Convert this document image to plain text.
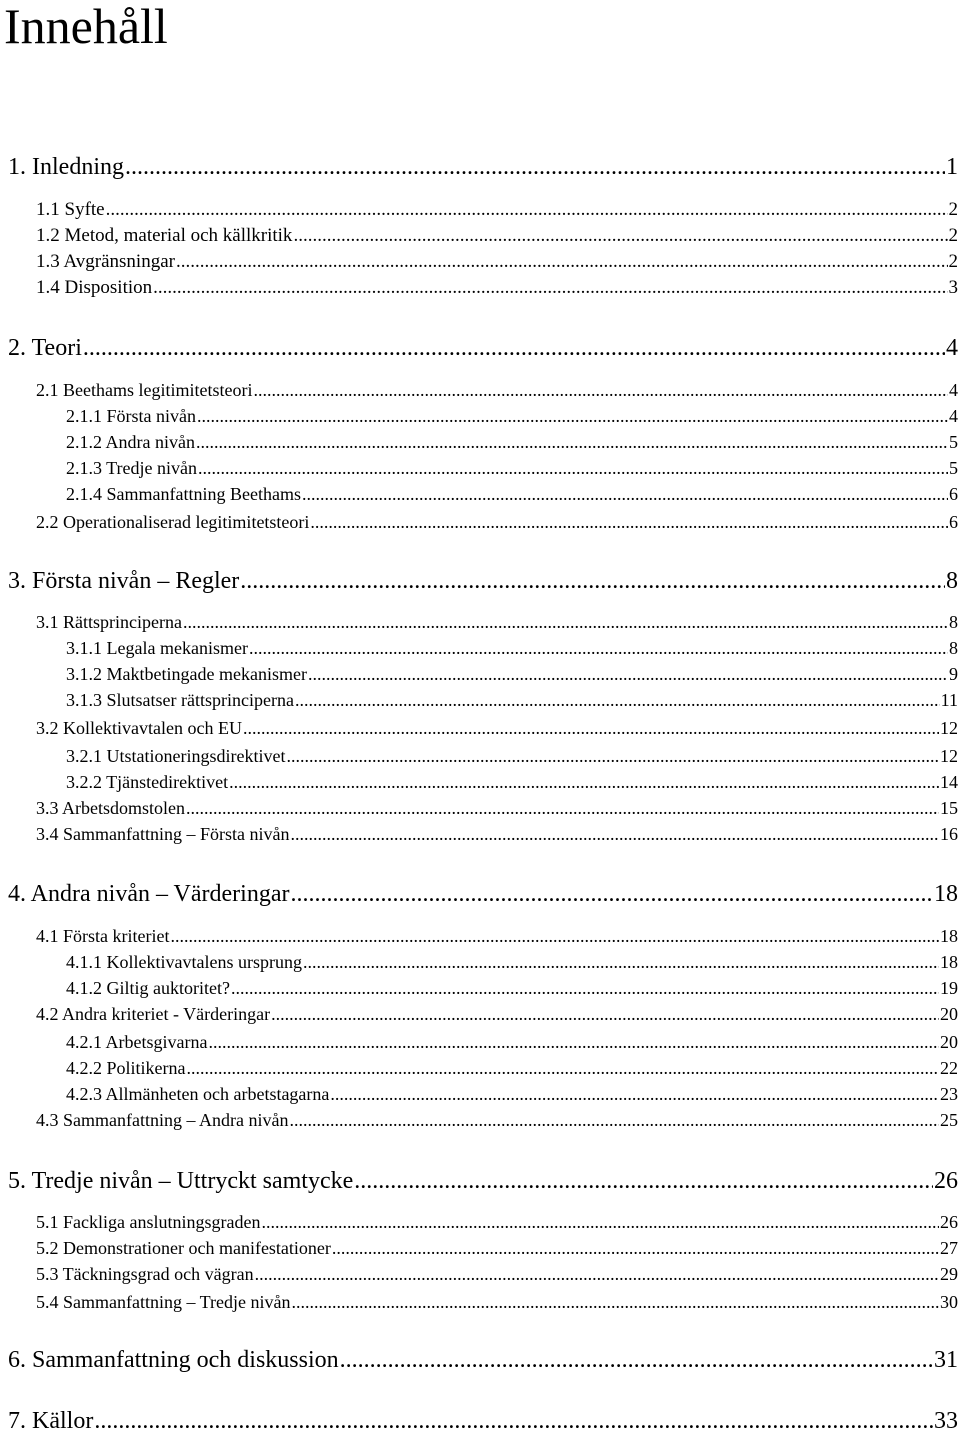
Innehåll
1. Inledning .....	1
1.1 Syfte .....	2
1.2 Metod, material och källkritik .....	2
1.3 Avgränsningar .....	2
1.4 Disposition .....	3
2. Teori .....	4
2.1 Beethams legitimitetsteori .....	4
2.1.1 Första nivån .....	4
2.1.2 Andra nivån .....	5
2.1.3 Tredje nivån .....	5
2.1.4 Sammanfattning Beethams .....	6
2.2 Operationaliserad legitimitetsteori .....	6
3. Första nivån – Regler .....	8
3.1 Rättsprinciperna .....	8
3.1.1 Legala mekanismer .....	8
3.1.2 Maktbetingade mekanismer .....	9
3.1.3 Slutsatser rättsprinciperna .....	11
3.2 Kollektivavtalen och EU .....	12
3.2.1 Utstationeringsdirektivet .....	12
3.2.2 Tjänstedirektivet .....	14
3.3 Arbetsdomstolen .....	15
3.4 Sammanfattning – Första nivån .....	16
4. Andra nivån – Värderingar .....	18
4.1 Första kriteriet .....	18
4.1.1 Kollektivavtalens ursprung .....	18
4.1.2 Giltig auktoritet? .....	19
4.2 Andra kriteriet - Värderingar .....	20
4.2.1 Arbetsgivarna .....	20
4.2.2 Politikerna .....	22
4.2.3 Allmänheten och arbetstagarna .....	23
4.3 Sammanfattning – Andra nivån .....	25
5. Tredje nivån – Uttryckt samtycke .....	26
5.1 Fackliga anslutningsgraden .....	26
5.2 Demonstrationer och manifestationer .....	27
5.3 Täckningsgrad och vägran .....	29
5.4 Sammanfattning – Tredje nivån .....	30
6. Sammanfattning och diskussion .....	31
7. Källor .....	33
